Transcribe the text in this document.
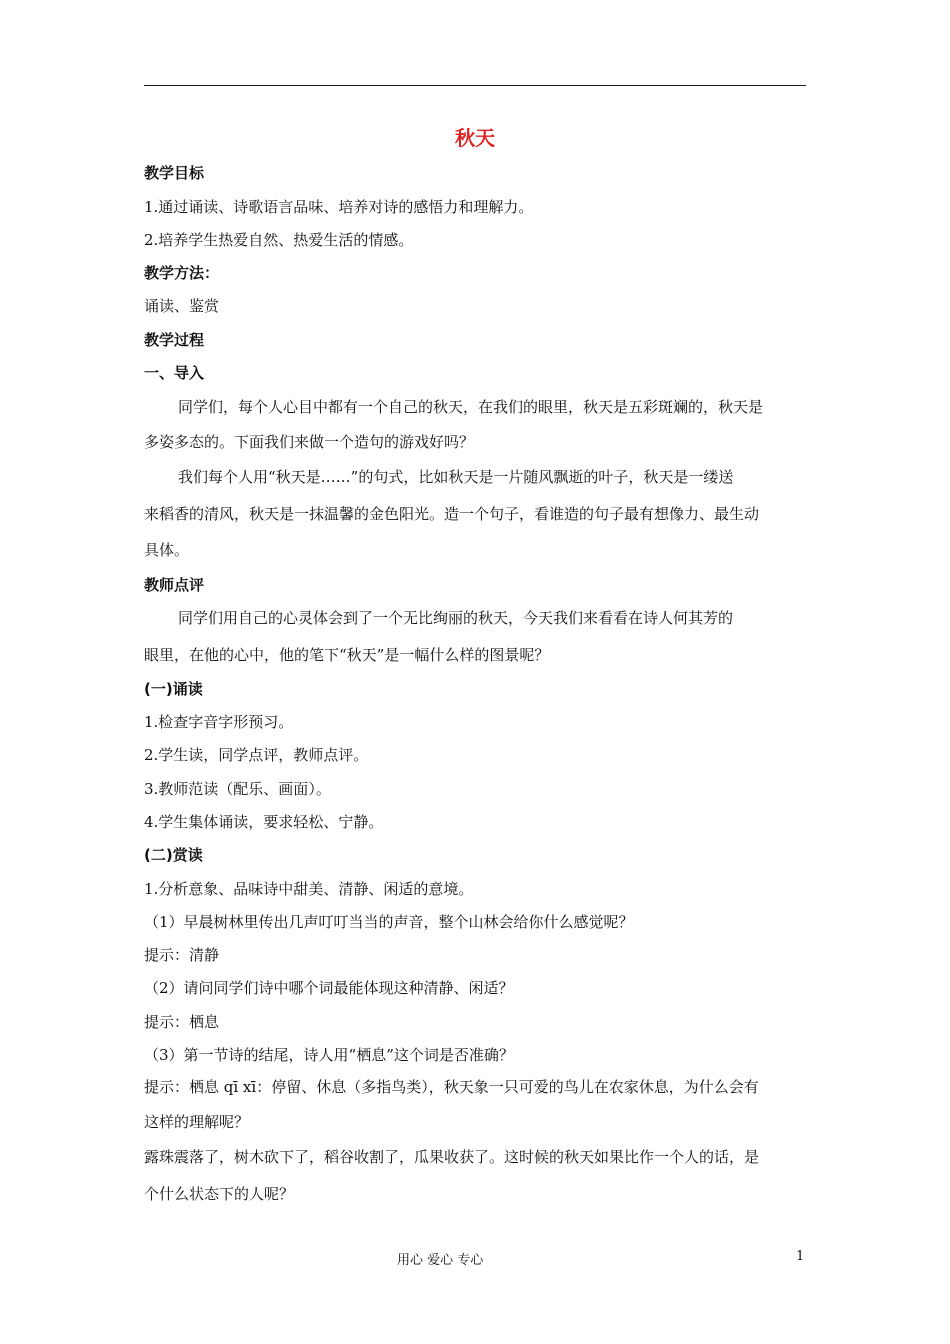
秋天
教学目标
1.通过诵读、诗歌语言品味、培养对诗的感悟力和理解力。
2.培养学生热爱自然、热爱生活的情感。
教学方法：
诵读、鉴赏
教学过程
一、导入
同学们，每个人心目中都有一个自己的秋天，在我们的眼里，秋天是五彩斑斓的，秋天是
多姿多态的。下面我们来做一个造句的游戏好吗？
我们每个人用“秋天是……”的句式，比如秋天是一片随风飘逝的叶子，秋天是一缕送
来稻香的清风，秋天是一抹温馨的金色阳光。造一个句子，看谁造的句子最有想像力、最生动
具体。
教师点评
同学们用自己的心灵体会到了一个无比绚丽的秋天，今天我们来看看在诗人何其芳的
眼里，在他的心中，他的笔下“秋天”是一幅什么样的图景呢？
(一)诵读
1.检查字音字形预习。
2.学生读，同学点评，教师点评。
3.教师范读（配乐、画面）。
4.学生集体诵读，要求轻松、宁静。
(二)赏读
1.分析意象、品味诗中甜美、清静、闲适的意境。
（1）早晨树林里传出几声叮叮当当的声音，整个山林会给你什么感觉呢？
提示：清静
（2）请问同学们诗中哪个词最能体现这种清静、闲适？
提示：栖息
（3）第一节诗的结尾，诗人用“栖息”这个词是否准确？
提示：栖息 qī xī：停留、休息（多指鸟类），秋天象一只可爱的鸟儿在农家休息，为什么会有
这样的理解呢？
露珠震落了，树木砍下了，稻谷收割了，瓜果收获了。这时候的秋天如果比作一个人的话，是
个什么状态下的人呢？
用心 爱心 专心	1
